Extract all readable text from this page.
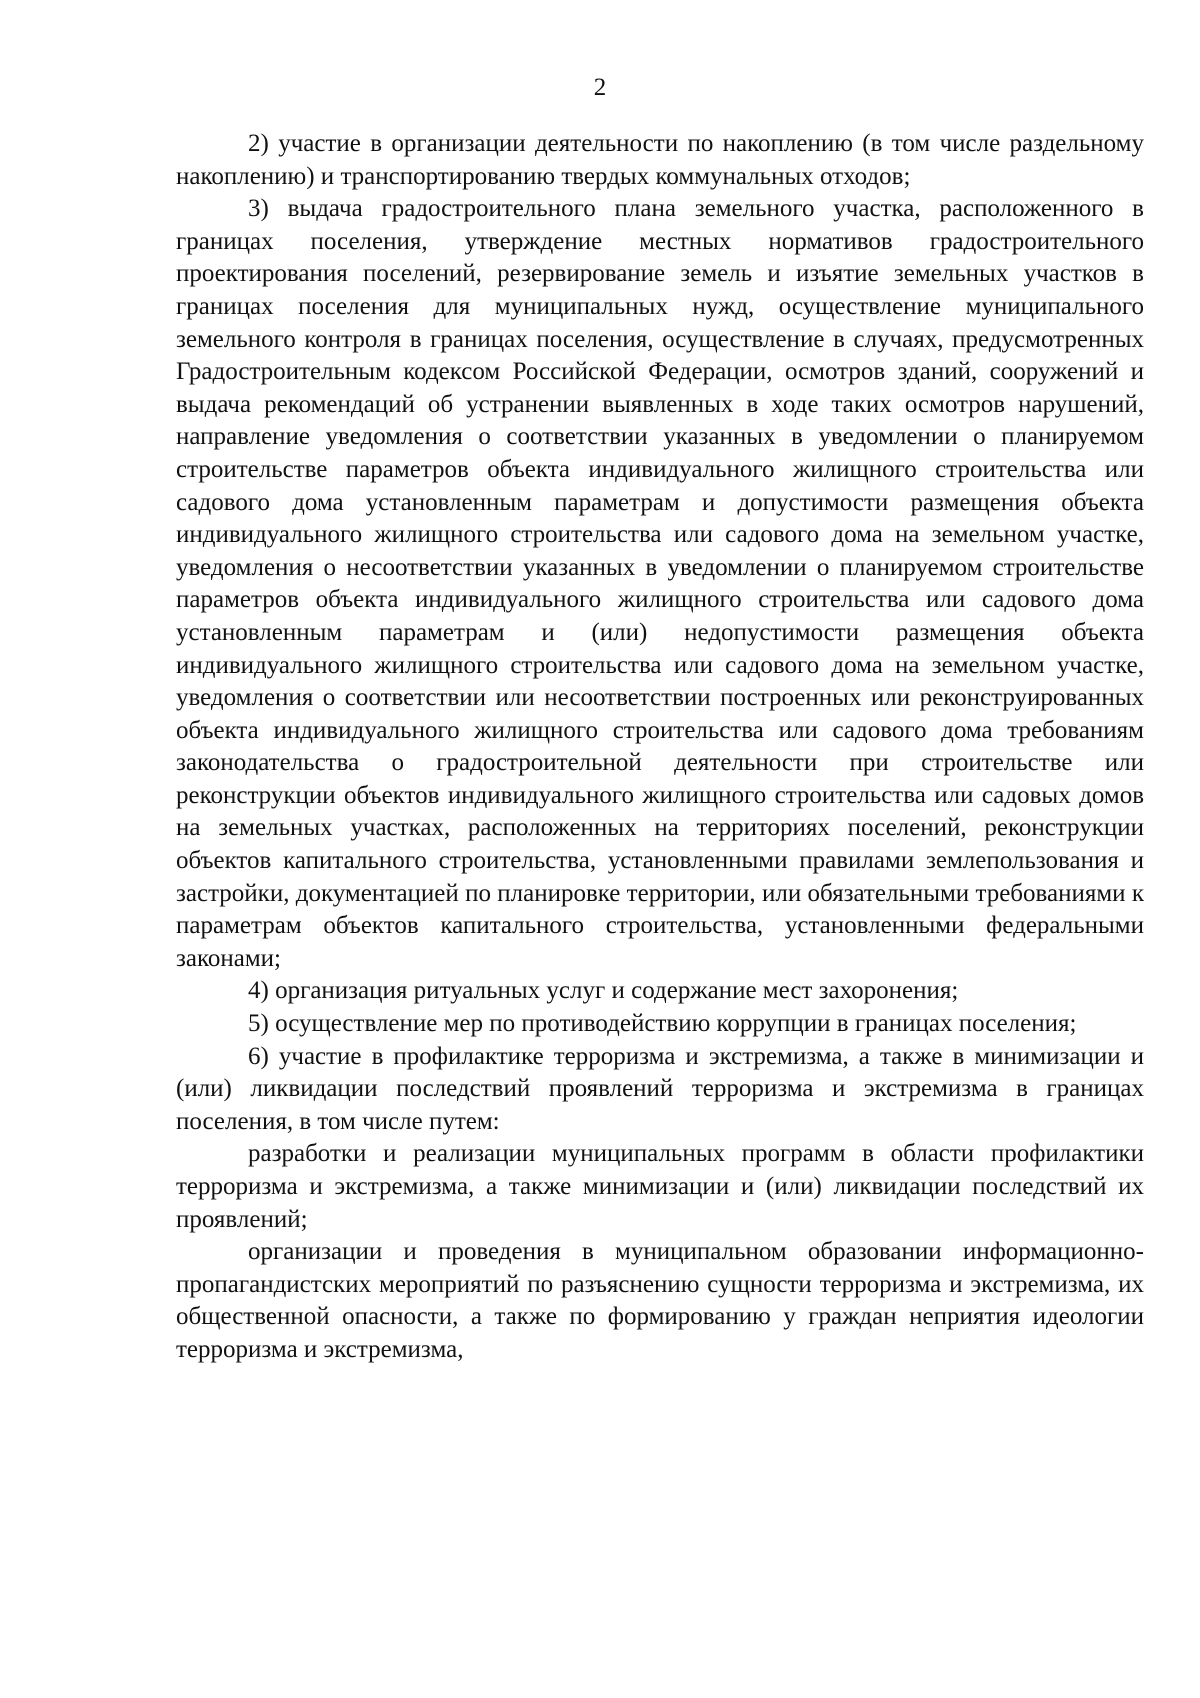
2

2) участие в организации деятельности по накоплению (в том числе раздельному накоплению) и транспортированию твердых коммунальных отходов;

3) выдача градостроительного плана земельного участка, расположенного в границах поселения, утверждение местных нормативов градостроительного проектирования поселений, резервирование земель и изъятие земельных участков в границах поселения для муниципальных нужд, осуществление муниципального земельного контроля в границах поселения, осуществление в случаях, предусмотренных Градостроительным кодексом Российской Федерации, осмотров зданий, сооружений и выдача рекомендаций об устранении выявленных в ходе таких осмотров нарушений, направление уведомления о соответствии указанных в уведомлении о планируемом строительстве параметров объекта индивидуального жилищного строительства или садового дома установленным параметрам и допустимости размещения объекта индивидуального жилищного строительства или садового дома на земельном участке, уведомления о несоответствии указанных в уведомлении о планируемом строительстве параметров объекта индивидуального жилищного строительства или садового дома установленным параметрам и (или) недопустимости размещения объекта индивидуального жилищного строительства или садового дома на земельном участке, уведомления о соответствии или несоответствии построенных или реконструированных объекта индивидуального жилищного строительства или садового дома требованиям законодательства о градостроительной деятельности при строительстве или реконструкции объектов индивидуального жилищного строительства или садовых домов на земельных участках, расположенных на территориях поселений, реконструкции объектов капитального строительства, установленными правилами землепользования и застройки, документацией по планировке территории, или обязательными требованиями к параметрам объектов капитального строительства, установленными федеральными законами;

4) организация ритуальных услуг и содержание мест захоронения;

5) осуществление мер по противодействию коррупции в границах поселения;

6) участие в профилактике терроризма и экстремизма, а также в минимизации и (или) ликвидации последствий проявлений терроризма и экстремизма в границах поселения, в том числе путем:

разработки и реализации муниципальных программ в области профилактики терроризма и экстремизма, а также минимизации и (или) ликвидации последствий их проявлений;

организации и проведения в муниципальном образовании информационно-пропагандистских мероприятий по разъяснению сущности терроризма и экстремизма, их общественной опасности, а также по формированию у граждан неприятия идеологии терроризма и экстремизма,
